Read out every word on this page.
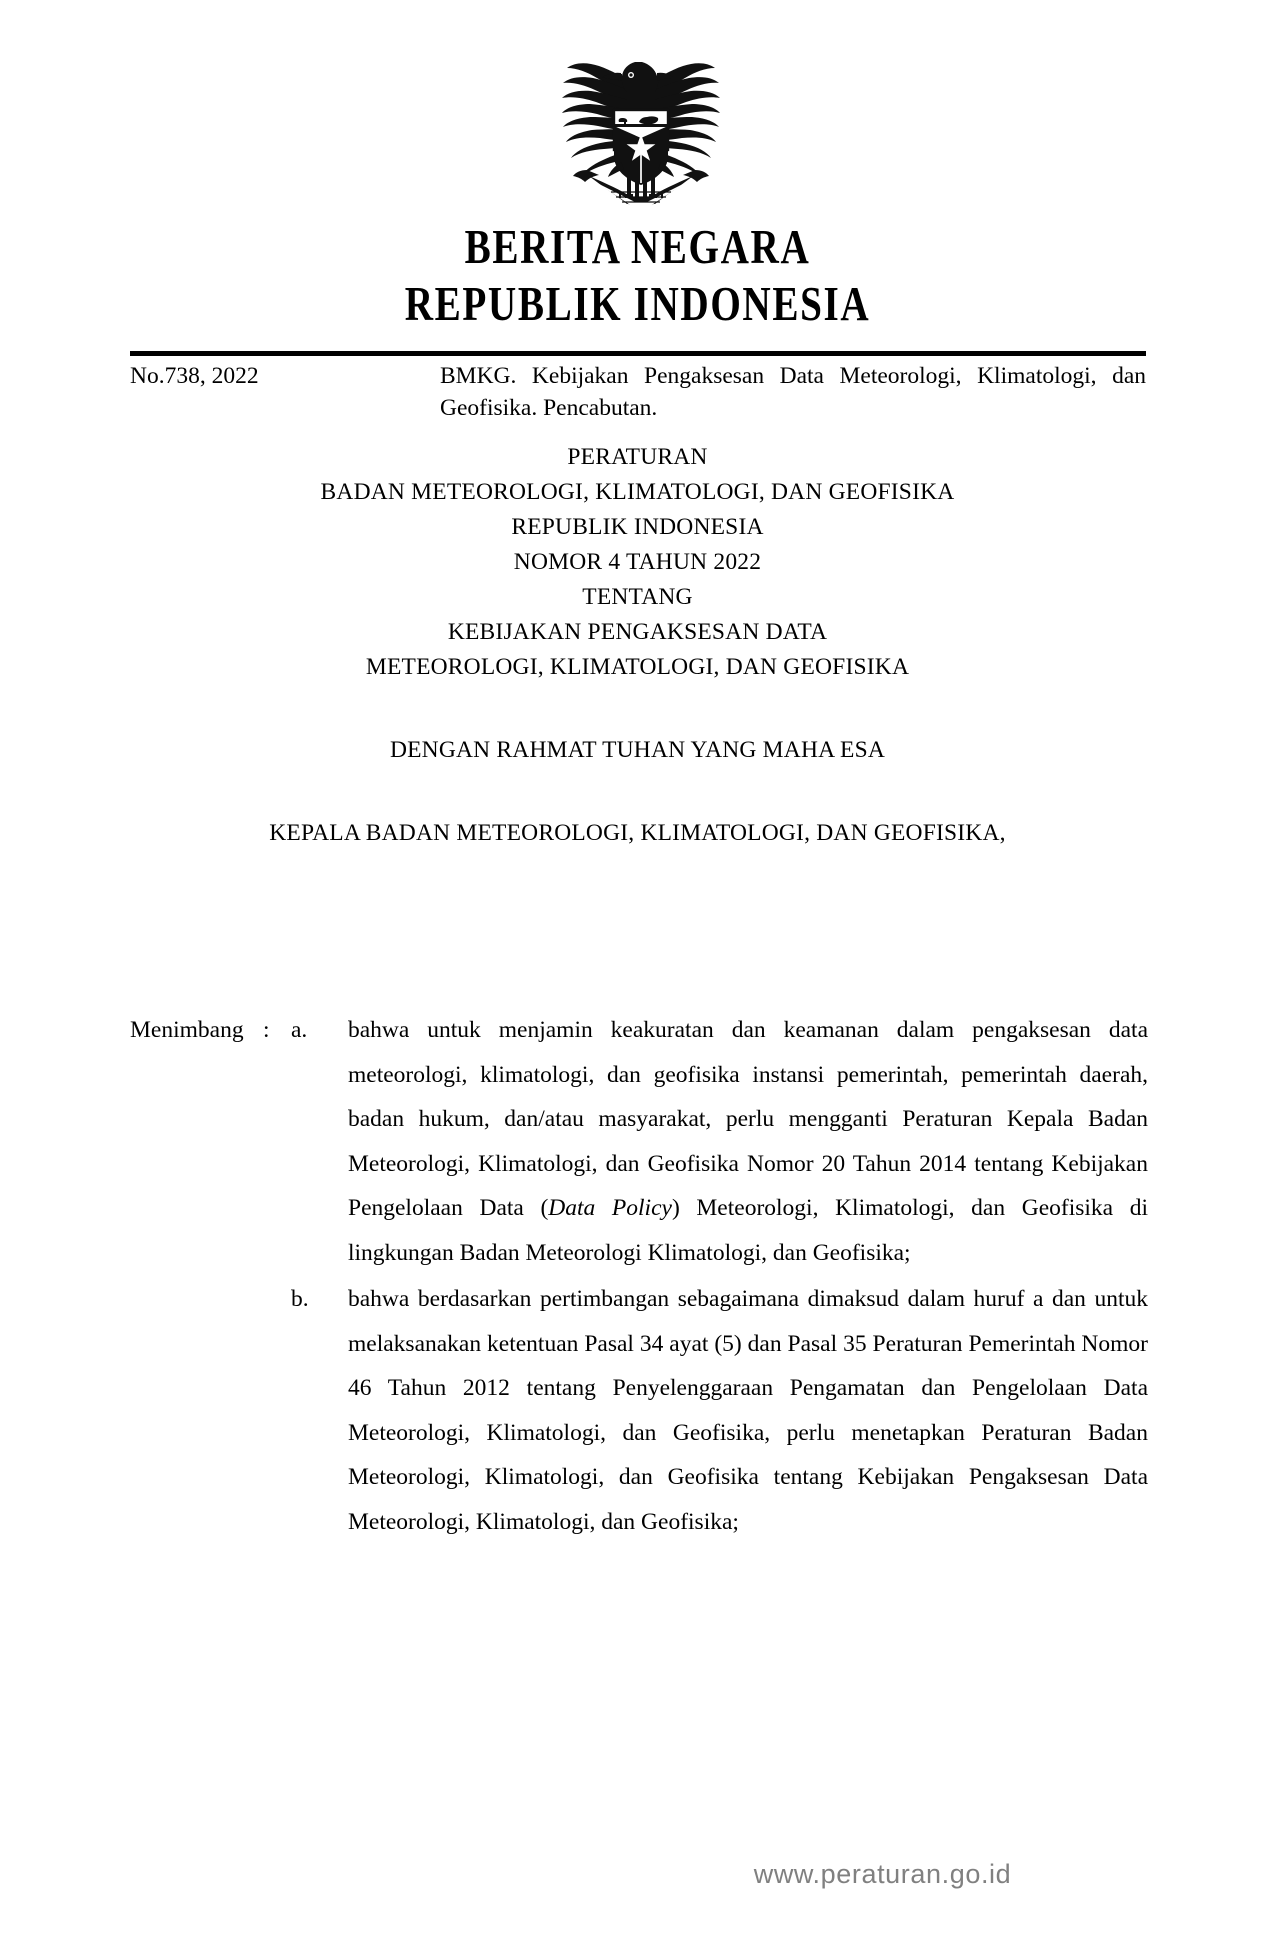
BERITA NEGARA
REPUBLIK INDONESIA
No.738, 2022	BMKG. Kebijakan Pengaksesan Data Meteorologi, Klimatologi, dan Geofisika. Pencabutan.
PERATURAN
BADAN METEOROLOGI, KLIMATOLOGI, DAN GEOFISIKA
REPUBLIK INDONESIA
NOMOR 4 TAHUN 2022
TENTANG
KEBIJAKAN PENGAKSESAN DATA
METEOROLOGI, KLIMATOLOGI, DAN GEOFISIKA
DENGAN RAHMAT TUHAN YANG MAHA ESA
KEPALA BADAN METEOROLOGI, KLIMATOLOGI, DAN GEOFISIKA,
Menimbang : a.	bahwa untuk menjamin keakuratan dan keamanan dalam pengaksesan data meteorologi, klimatologi, dan geofisika instansi pemerintah, pemerintah daerah, badan hukum, dan/atau masyarakat, perlu mengganti Peraturan Kepala Badan Meteorologi, Klimatologi, dan Geofisika Nomor 20 Tahun 2014 tentang Kebijakan Pengelolaan Data (Data Policy) Meteorologi, Klimatologi, dan Geofisika di lingkungan Badan Meteorologi Klimatologi, dan Geofisika;
b.	bahwa berdasarkan pertimbangan sebagaimana dimaksud dalam huruf a dan untuk melaksanakan ketentuan Pasal 34 ayat (5) dan Pasal 35 Peraturan Pemerintah Nomor 46 Tahun 2012 tentang Penyelenggaraan Pengamatan dan Pengelolaan Data Meteorologi, Klimatologi, dan Geofisika, perlu menetapkan Peraturan Badan Meteorologi, Klimatologi, dan Geofisika tentang Kebijakan Pengaksesan Data Meteorologi, Klimatologi, dan Geofisika;
www.peraturan.go.id
